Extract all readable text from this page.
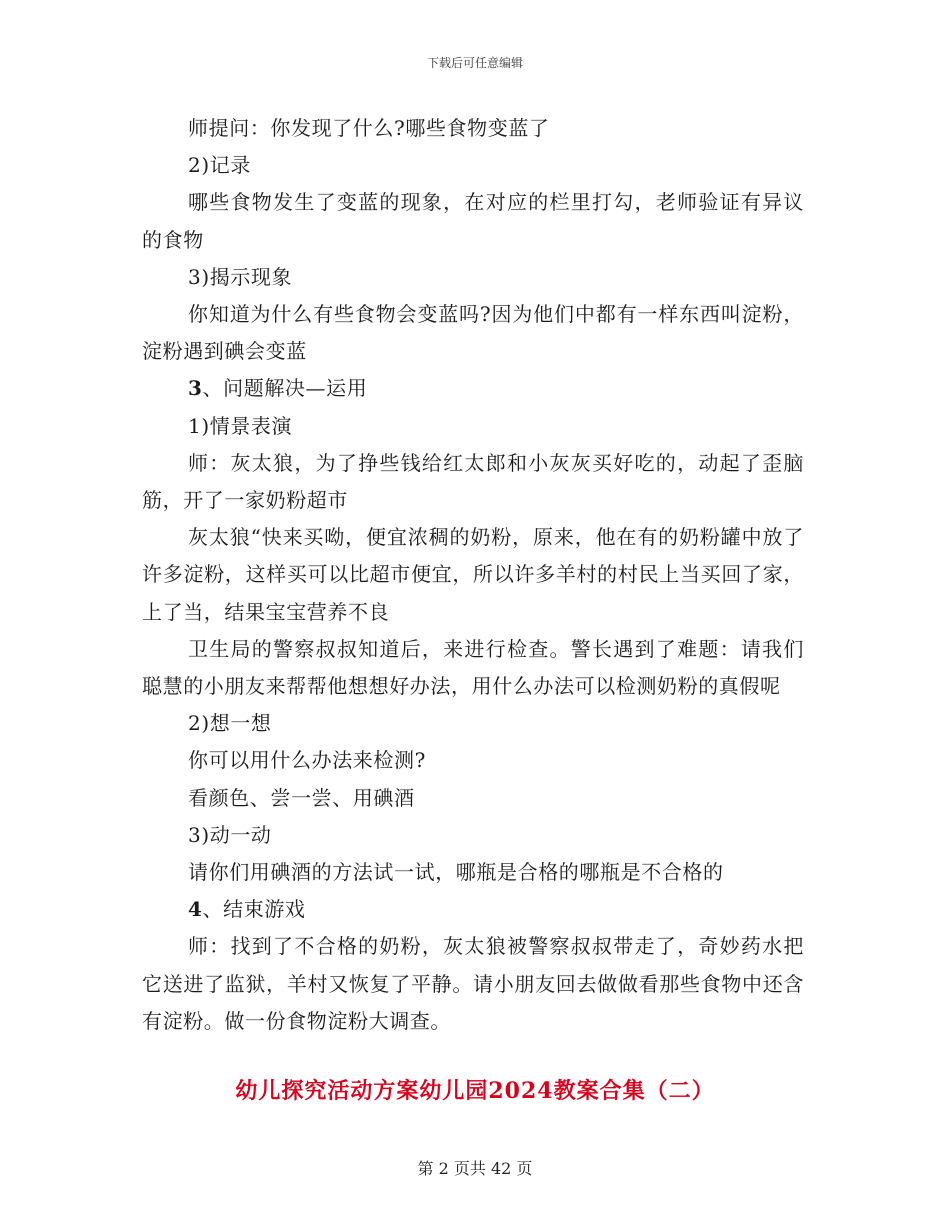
下载后可任意编辑

师提问：你发现了什么?哪些食物变蓝了

2)记录

哪些食物发生了变蓝的现象，在对应的栏里打勾，老师验证有异议的食物

3)揭示现象

你知道为什么有些食物会变蓝吗?因为他们中都有一样东西叫淀粉，淀粉遇到碘会变蓝

3、问题解决—运用

1)情景表演

师：灰太狼，为了挣些钱给红太郎和小灰灰买好吃的，动起了歪脑筋，开了一家奶粉超市

灰太狼“快来买呦，便宜浓稠的奶粉，原来，他在有的奶粉罐中放了许多淀粉，这样买可以比超市便宜，所以许多羊村的村民上当买回了家，上了当，结果宝宝营养不良

卫生局的警察叔叔知道后，来进行检查。警长遇到了难题：请我们聪慧的小朋友来帮帮他想想好办法，用什么办法可以检测奶粉的真假呢

2)想一想

你可以用什么办法来检测?

看颜色、尝一尝、用碘酒

3)动一动

请你们用碘酒的方法试一试，哪瓶是合格的哪瓶是不合格的

4、结束游戏

师：找到了不合格的奶粉，灰太狼被警察叔叔带走了，奇妙药水把它送进了监狱，羊村又恢复了平静。请小朋友回去做做看那些食物中还含有淀粉。做一份食物淀粉大调查。

幼儿探究活动方案幼儿园2024教案合集（二）
第 2 页共 42 页
